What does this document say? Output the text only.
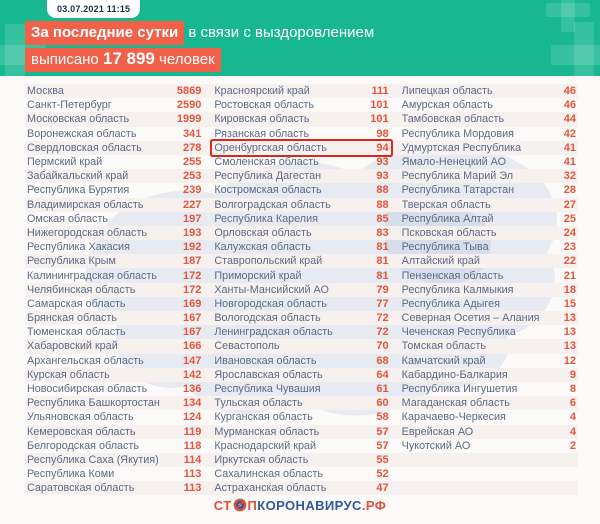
03.07.2021 11:15
За последние сутки в связи с выздоровлением
выписано 17 899 человек
Москва	5869 Красноярский край	111 Липецкая область	46
Санкт-Петербург	2590 Ростовская область	101 Амурская область	46
Московская область	1999 Кировская область	101 Тамбовская область	44
Воронежская область	341 Рязанская область	98 Республика Мордовия	42
Свердловская область	278 Оренбургская область	94 Удмуртская Республика	41
Пермский край	255 Смоленская область	93 Ямало-Ненецкий АО	41
Забайкальский край	253 Республика Дагестан	93 Республика Марий Эл	32
Республика Бурятия	239 Костромская область	88 Республика Татарстан	28
Владимирская область	227 Волгоградская область	88 Тверская область	27
Омская область	197 Республика Карелия	85 Республика Алтай	25
Нижегородская область	193 Орловская область	83 Псковская область	24
Республика Хакасия	192 Калужская область	81 Республика Тыва	23
Республика Крым	187 Ставропольский край	81 Алтайский край	22
Калининградская область 172 Приморский край	81 Пензенская область	21
Челябинская область	172 Ханты-Мансийский АО	79 Республика Калмыкия	18
Самарская область	169 Новгородская область	77 Республика Адыгея	15
Брянская область	167 Вологодская область	72 Северная Осетия – Алания 13
Тюменская область	167 Ленинградская область	72 Чеченская Республика	13
Хабаровский край	166 Севастополь	70 Томская область	13
Архангельская область	147 Ивановская область	68 Камчатский край	12
Курская область	142 Ярославская область	64 Кабардино-Балкария	9
Новосибирская область	136 Республика Чувашия	61 Республика Ингушетия	8
Республика Башкортостан 134 Тульская область	60 Магаданская область	6
Ульяновская область	124 Курганская область	58 Карачаево-Черкесия	4
Кемеровская область	119 Мурманская область	57 Еврейская АО	4
Белгородская область	118 Краснодарский край	57 Чукотский АО	2
Республика Саха (Якутия) 114 Иркутская область	55
Республика Коми	113 Сахалинская область	52
Саратовская область	113 Астраханская область	47
СТ ПКОРОНАВИРУС.РФ
